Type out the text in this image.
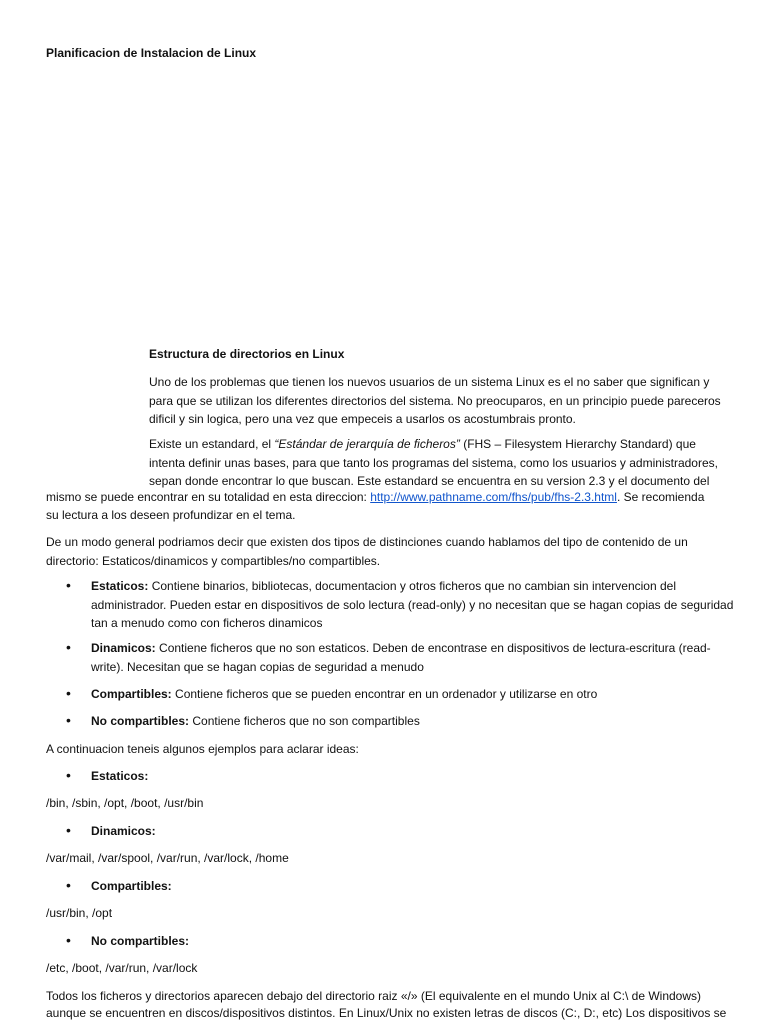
Planificacion de Instalacion de Linux
Estructura de directorios en Linux
Uno de los problemas que tienen los nuevos usuarios de un sistema Linux es el no saber que significan y para que se utilizan los diferentes directorios del sistema. No preocuparos, en un principio puede pareceros dificil y sin logica, pero una vez que empeceis a usarlos os acostumbrais pronto.
Existe un estandard, el “Estándar de jerarquía de ficheros” (FHS – Filesystem Hierarchy Standard) que intenta definir unas bases, para que tanto los programas del sistema, como los usuarios y administradores, sepan donde encontrar lo que buscan. Este estandard se encuentra en su version 2.3 y el documento del
mismo se puede encontrar en su totalidad en esta direccion: http://www.pathname.com/fhs/pub/fhs-2.3.html. Se recomienda
su lectura a los deseen profundizar en el tema.
De un modo general podriamos decir que existen dos tipos de distinciones cuando hablamos del tipo de contenido de un directorio: Estaticos/dinamicos y compartibles/no compartibles.
• Estaticos: Contiene binarios, bibliotecas, documentacion y otros ficheros que no cambian sin intervencion del administrador. Pueden estar en dispositivos de solo lectura (read-only) y no necesitan que se hagan copias de seguridad tan a menudo como con ficheros dinamicos
• Dinamicos: Contiene ficheros que no son estaticos. Deben de encontrase en dispositivos de lectura-escritura (read-write). Necesitan que se hagan copias de seguridad a menudo
• Compartibles: Contiene ficheros que se pueden encontrar en un ordenador y utilizarse en otro
• No compartibles: Contiene ficheros que no son compartibles
A continuacion teneis algunos ejemplos para aclarar ideas:
• Estaticos:
/bin, /sbin, /opt, /boot, /usr/bin
• Dinamicos:
/var/mail, /var/spool, /var/run, /var/lock, /home
• Compartibles:
/usr/bin, /opt
• No compartibles:
/etc, /boot, /var/run, /var/lock
Todos los ficheros y directorios aparecen debajo del directorio raiz «/» (El equivalente en el mundo Unix al C:\ de Windows)
aunque se encuentren en discos/dispositivos distintos. En Linux/Unix no existen letras de discos (C:, D:, etc) Los dispositivos se
